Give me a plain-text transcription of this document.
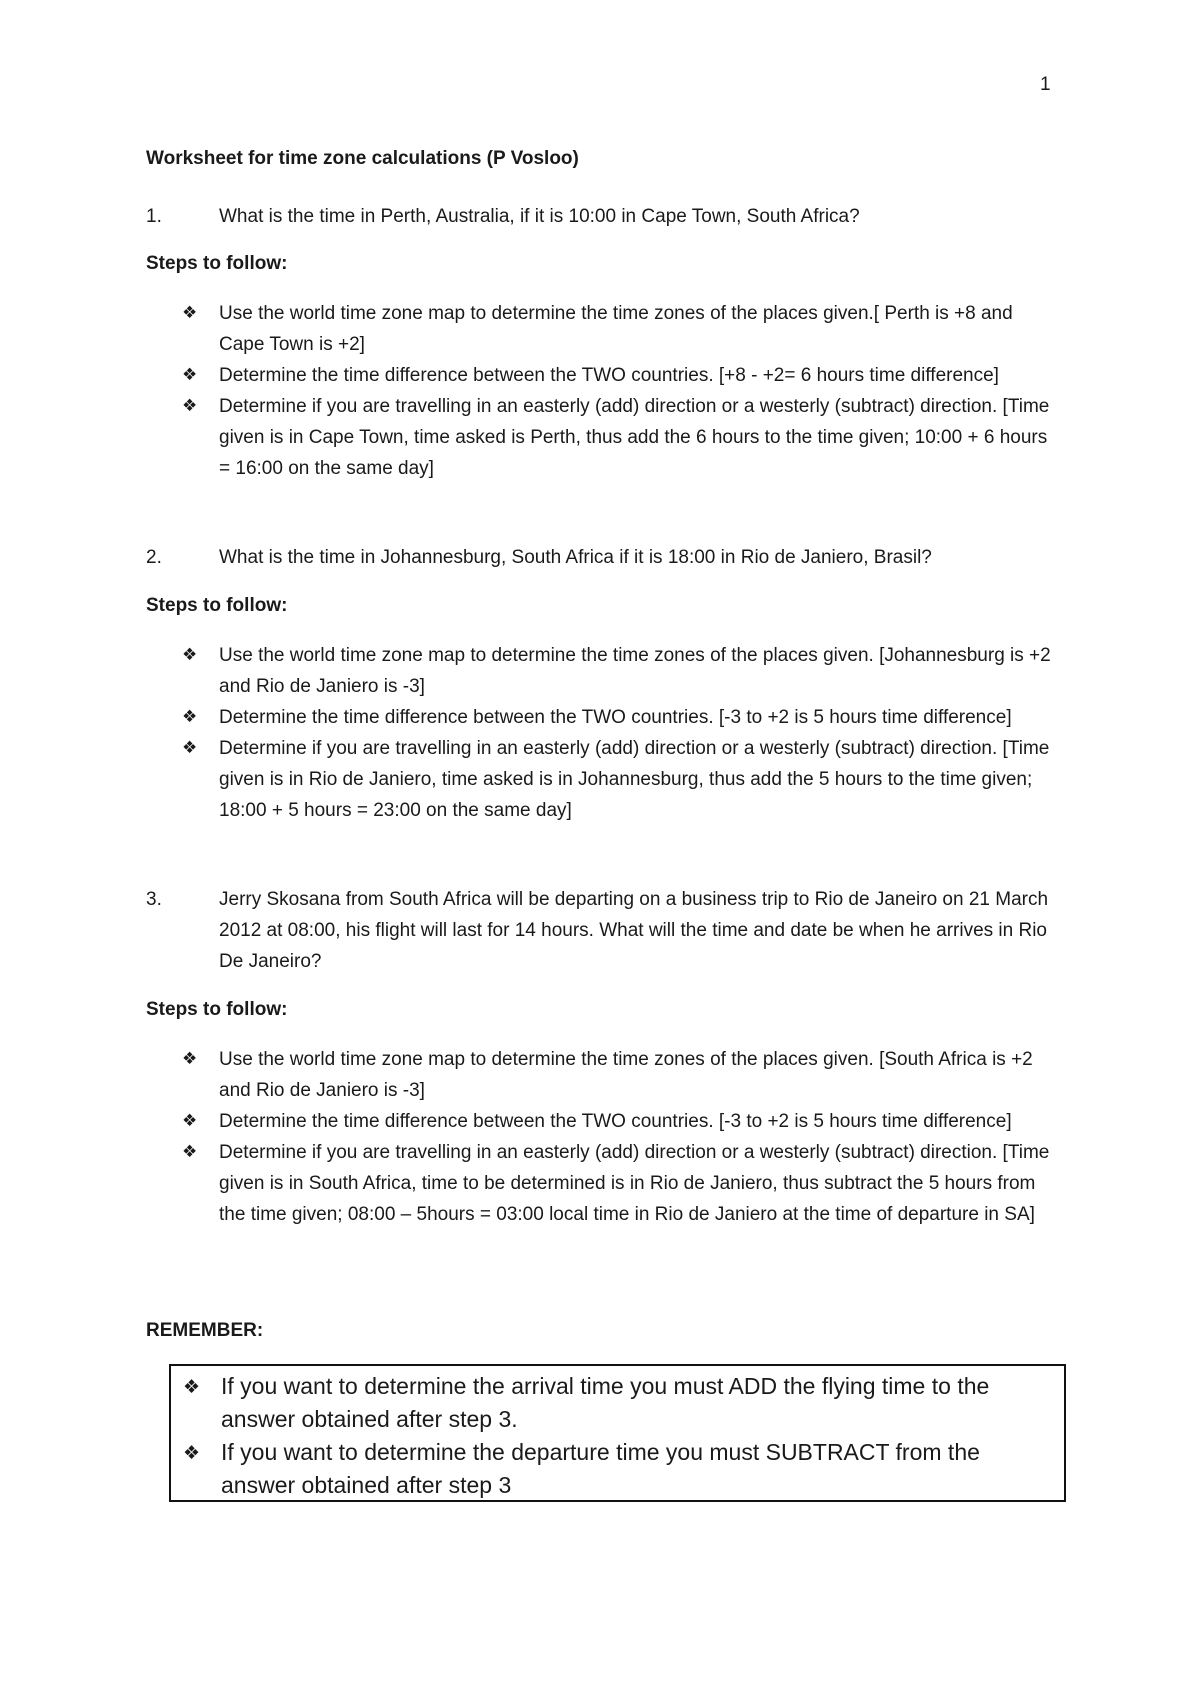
1
Worksheet for time zone calculations (P Vosloo)
1.	What is the time in Perth, Australia, if it is 10:00 in Cape Town, South Africa?
Steps to follow:
❖ Use the world time zone map to determine the time zones of the places given.[ Perth is +8 and Cape Town is +2]
❖ Determine the time difference between the TWO countries. [+8 - +2= 6 hours time difference]
❖ Determine if you are travelling in an easterly (add) direction or a westerly (subtract) direction. [Time given is in Cape Town, time asked is Perth, thus add the 6 hours to the time given; 10:00 + 6 hours = 16:00 on the same day]
2.	What is the time in Johannesburg, South Africa if it is 18:00 in Rio de Janiero, Brasil?
Steps to follow:
❖ Use the world time zone map to determine the time zones of the places given. [Johannesburg is +2 and Rio de Janiero is -3]
❖ Determine the time difference between the TWO countries. [-3 to +2 is 5 hours time difference]
❖ Determine if you are travelling in an easterly (add) direction or a westerly (subtract) direction. [Time given is in Rio de Janiero, time asked is in Johannesburg, thus add the 5 hours to the time given; 18:00 + 5 hours = 23:00 on the same day]
3.	Jerry Skosana from South Africa will be departing on a business trip to Rio de Janeiro on 21 March 2012 at 08:00, his flight will last for 14 hours. What will the time and date be when he arrives in Rio De Janeiro?
Steps to follow:
❖ Use the world time zone map to determine the time zones of the places given. [South Africa is +2 and Rio de Janiero is -3]
❖ Determine the time difference between the TWO countries. [-3 to +2 is 5 hours time difference]
❖ Determine if you are travelling in an easterly (add) direction or a westerly (subtract) direction. [Time given is in South Africa, time to be determined is in Rio de Janiero, thus subtract the 5 hours from the time given; 08:00 – 5hours = 03:00 local time in Rio de Janiero at the time of departure in SA]
REMEMBER:
❖ If you want to determine the arrival time you must ADD the flying time to the answer obtained after step 3.
❖ If you want to determine the departure time you must SUBTRACT from the answer obtained after step 3
